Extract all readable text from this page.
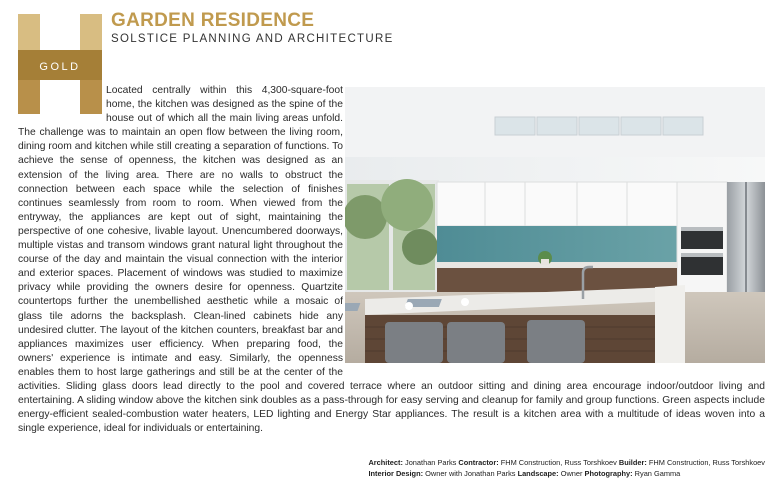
GOLD
GARDEN RESIDENCE

SOLSTICE PLANNING AND ARCHITECTURE

Located centrally within this 4,300-square-foot home, the kitchen was designed as the spine of the house out of which all the main living areas unfold. The challenge was to maintain an open flow between the living room, dining room and kitchen while still creating a separation of functions. To achieve the sense of openness, the kitchen was designed as an extension of the living area. There are no walls to obstruct the connection between each space while the selection of finishes continues seamlessly from room to room. When viewed from the entryway, the appliances are kept out of sight, maintaining the perspective of one cohesive, livable layout. Unencumbered doorways, multiple vistas and transom windows grant natural light throughout the course of the day and maintain the visual connection with the interior and exterior spaces. Placement of windows was studied to maximize privacy while providing the owners desire for openness. Quartzite countertops further the unembellished aesthetic while a mosaic of glass tile adorns the backsplash. Clean-lined cabinets hide any undesired clutter. The layout of the kitchen counters, breakfast bar and appliances maximizes user efficiency. When preparing food, the owners' experience is intimate and easy. Similarly, the openness enables them to host large gatherings and still be at the center of the activities. Sliding glass doors lead directly to the pool and covered terrace where an outdoor sitting and dining area encourage indoor/outdoor living and entertaining. A sliding window above the kitchen sink doubles as a pass-through for easy serving and cleanup for family and group functions. Green aspects include energy-efficient sealed-combustion water heaters, LED lighting and Energy Star appliances. The result is a kitchen area with a multitude of ideas woven into a single experience, ideal for individuals or entertaining.
Architect: Jonathan Parks Contractor: FHM Construction, Russ Torshkoev Builder: FHM Construction, Russ Torshkoev
Interior Design: Owner with Jonathan Parks Landscape: Owner Photography: Ryan Gamma
